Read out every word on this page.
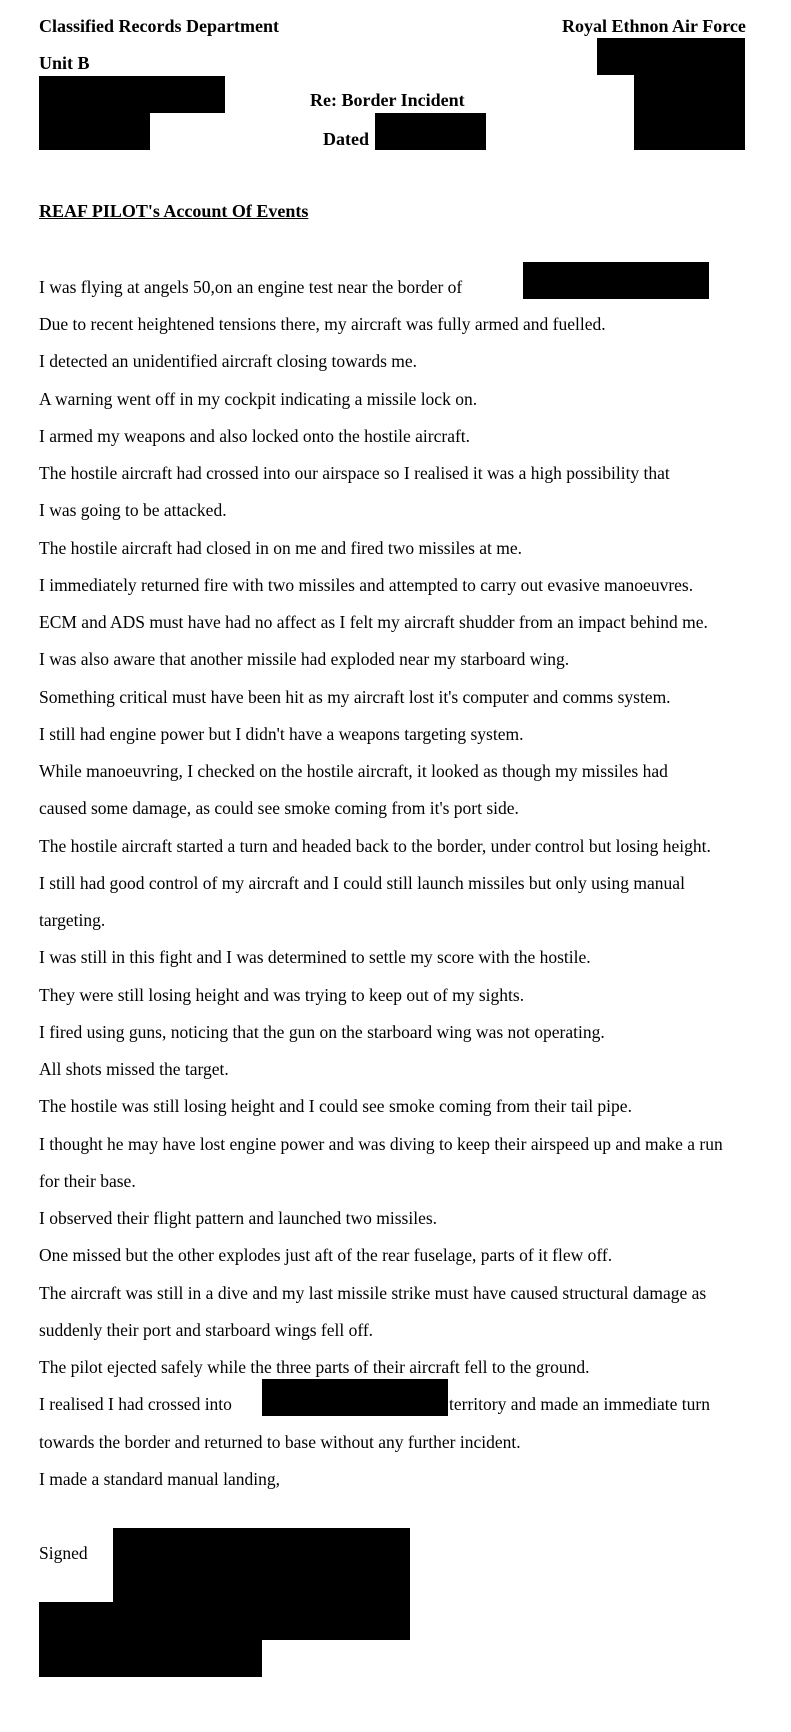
Classified Records Department	Royal Ethnon Air Force
Unit B
Re: Border Incident
Dated
REAF PILOT's Account Of Events
I was flying at angels 50,on an engine test near the border of
Due to recent heightened tensions there, my aircraft was fully armed and fuelled.
I detected an unidentified aircraft closing towards me.
A warning went off in my cockpit indicating a missile lock on.
I armed my weapons and also locked onto the hostile aircraft.
The hostile aircraft had crossed into our airspace so I realised it was a high possibility that
I was going to be attacked.
The hostile aircraft had closed in on me and fired two missiles at me.
I immediately returned fire with two missiles and attempted to carry out evasive manoeuvres.
ECM and ADS must have had no affect as I felt my aircraft shudder from an impact behind me.
I was also aware that another missile had exploded near my starboard wing.
Something critical must have been hit as my aircraft lost it's computer and comms system.
I still had engine power but I didn't have a weapons targeting system.
While manoeuvring, I checked on the hostile aircraft, it looked as though my missiles had
caused some damage, as could see smoke coming from it's port side.
The hostile aircraft started a turn and headed back to the border, under control but losing height.
I still had good control of my aircraft and I could still launch missiles but only using manual
targeting.
I was still in this fight and I was determined to settle my score with the hostile.
They were still losing height and was trying to keep out of my sights.
I fired using guns, noticing that the gun on the starboard wing was not operating.
All shots missed the target.
The hostile was still losing height and I could see smoke coming from their tail pipe.
I thought he may have lost engine power and was diving to keep their airspeed up and make a run
for their base.
I observed their flight pattern and launched two missiles.
One missed but the other explodes just aft of the rear fuselage, parts of it flew off.
The aircraft was still in a dive and my last missile strike must have caused structural damage as
suddenly their port and starboard wings fell off.
The pilot ejected safely while the three parts of their aircraft fell to the ground.
I realised I had crossed into	territory and made an immediate turn
towards the border and returned to base without any further incident.
I made a standard manual landing,
Signed
